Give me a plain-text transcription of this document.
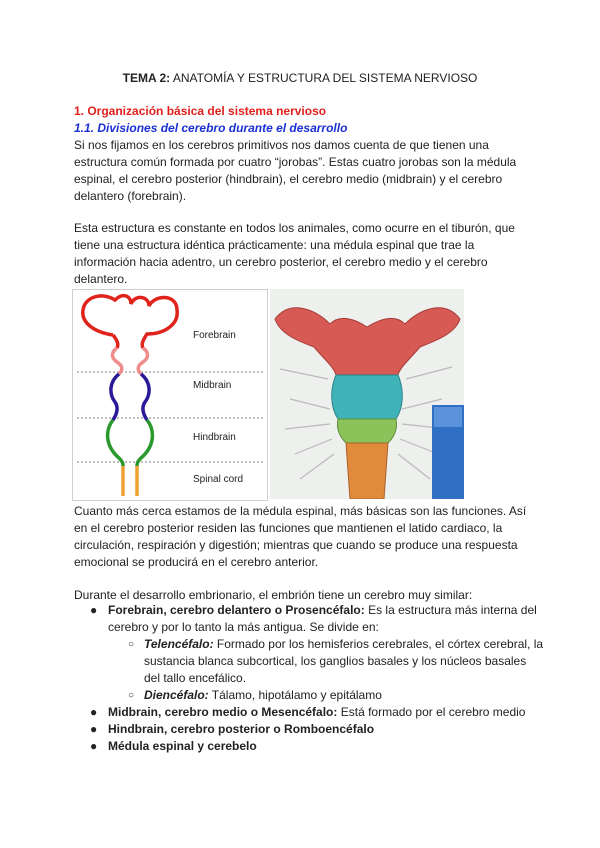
TEMA 2: ANATOMÍA Y ESTRUCTURA DEL SISTEMA NERVIOSO
1. Organización básica del sistema nervioso
1.1. Divisiones del cerebro durante el desarrollo
Si nos fijamos en los cerebros primitivos nos damos cuenta de que tienen una estructura común formada por cuatro “jorobas”. Estas cuatro jorobas son la médula espinal, el cerebro posterior (hindbrain), el cerebro medio (midbrain) y el cerebro delantero (forebrain).
Esta estructura es constante en todos los animales, como ocurre en el tiburón, que tiene una estructura idéntica prácticamente: una médula espinal que trae la información hacia adentro, un cerebro posterior, el cerebro medio y el cerebro delantero.
Forebrain
Midbrain
Hindbrain
Spinal cord
Cuanto más cerca estamos de la médula espinal, más básicas son las funciones. Así en el cerebro posterior residen las funciones que mantienen el latido cardiaco, la circulación, respiración y digestión; mientras que cuando se produce una respuesta emocional se producirá en el cerebro anterior.
Durante el desarrollo embrionario, el embrión tiene un cerebro muy similar:
● Forebrain, cerebro delantero o Prosencéfalo: Es la estructura más interna del cerebro y por lo tanto la más antigua. Se divide en:
○ Telencéfalo: Formado por los hemisferios cerebrales, el córtex cerebral, la sustancia blanca subcortical, los ganglios basales y los núcleos basales del tallo encefálico.
○ Diencéfalo: Tálamo, hipotálamo y epitálamo
● Midbrain, cerebro medio o Mesencéfalo: Está formado por el cerebro medio
● Hindbrain, cerebro posterior o Romboencéfalo
● Médula espinal y cerebelo
